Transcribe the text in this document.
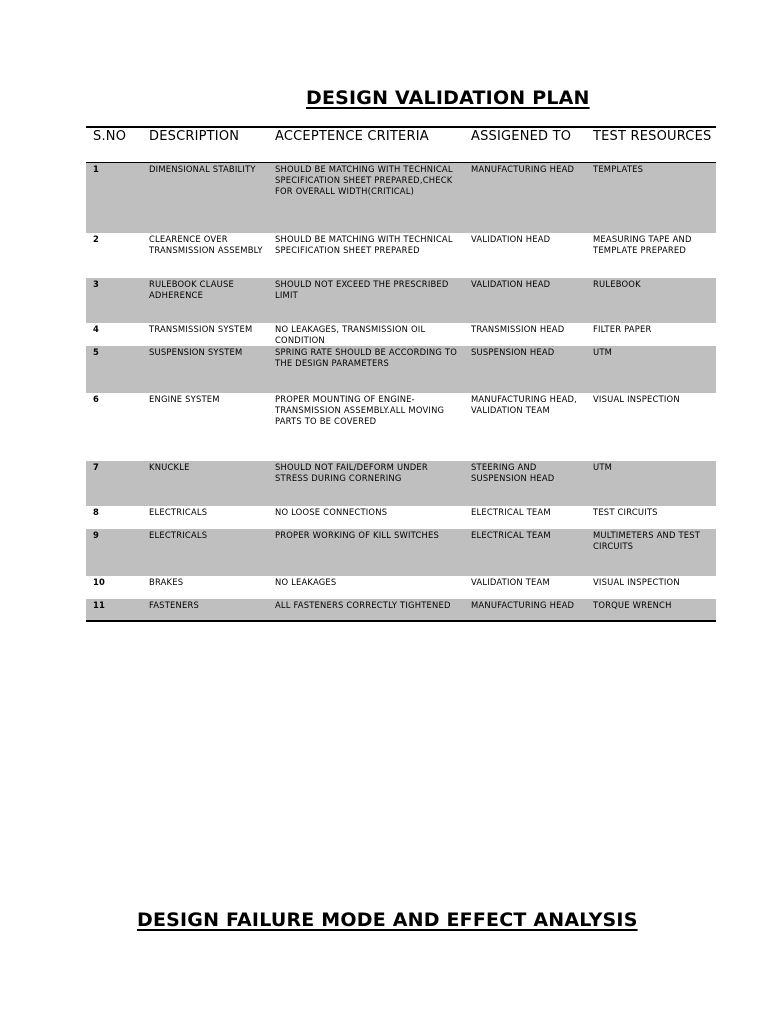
DESIGN VALIDATION PLAN
S.NO	DESCRIPTION	ACCEPTENCE CRITERIA	ASSIGENED TO	TEST RESOURCES
1	DIMENSIONAL STABILITY	SHOULD BE MATCHING WITH TECHNICAL SPECIFICATION SHEET PREPARED,CHECK FOR OVERALL WIDTH(CRITICAL)	MANUFACTURING HEAD	TEMPLATES
2	CLEARENCE OVER TRANSMISSION ASSEMBLY	SHOULD BE MATCHING WITH TECHNICAL SPECIFICATION SHEET PREPARED	VALIDATION HEAD	MEASURING TAPE AND TEMPLATE PREPARED
3	RULEBOOK CLAUSE ADHERENCE	SHOULD NOT EXCEED THE PRESCRIBED LIMIT	VALIDATION HEAD	RULEBOOK
4	TRANSMISSION SYSTEM	NO LEAKAGES, TRANSMISSION OIL CONDITION	TRANSMISSION HEAD	FILTER PAPER
5	SUSPENSION SYSTEM	SPRING RATE SHOULD BE ACCORDING TO THE DESIGN PARAMETERS	SUSPENSION HEAD	UTM
6	ENGINE SYSTEM	PROPER MOUNTING OF ENGINE-TRANSMISSION ASSEMBLY.ALL MOVING PARTS TO BE COVERED	MANUFACTURING HEAD, VALIDATION TEAM	VISUAL INSPECTION
7	KNUCKLE	SHOULD NOT FAIL/DEFORM UNDER STRESS DURING CORNERING	STEERING AND SUSPENSION HEAD	UTM
8	ELECTRICALS	NO LOOSE CONNECTIONS	ELECTRICAL TEAM	TEST CIRCUITS
9	ELECTRICALS	PROPER WORKING OF KILL SWITCHES	ELECTRICAL TEAM	MULTIMETERS AND TEST CIRCUITS
10	BRAKES	NO LEAKAGES	VALIDATION TEAM	VISUAL INSPECTION
11	FASTENERS	ALL FASTENERS CORRECTLY TIGHTENED	MANUFACTURING HEAD	TORQUE WRENCH
DESIGN FAILURE MODE AND EFFECT ANALYSIS
